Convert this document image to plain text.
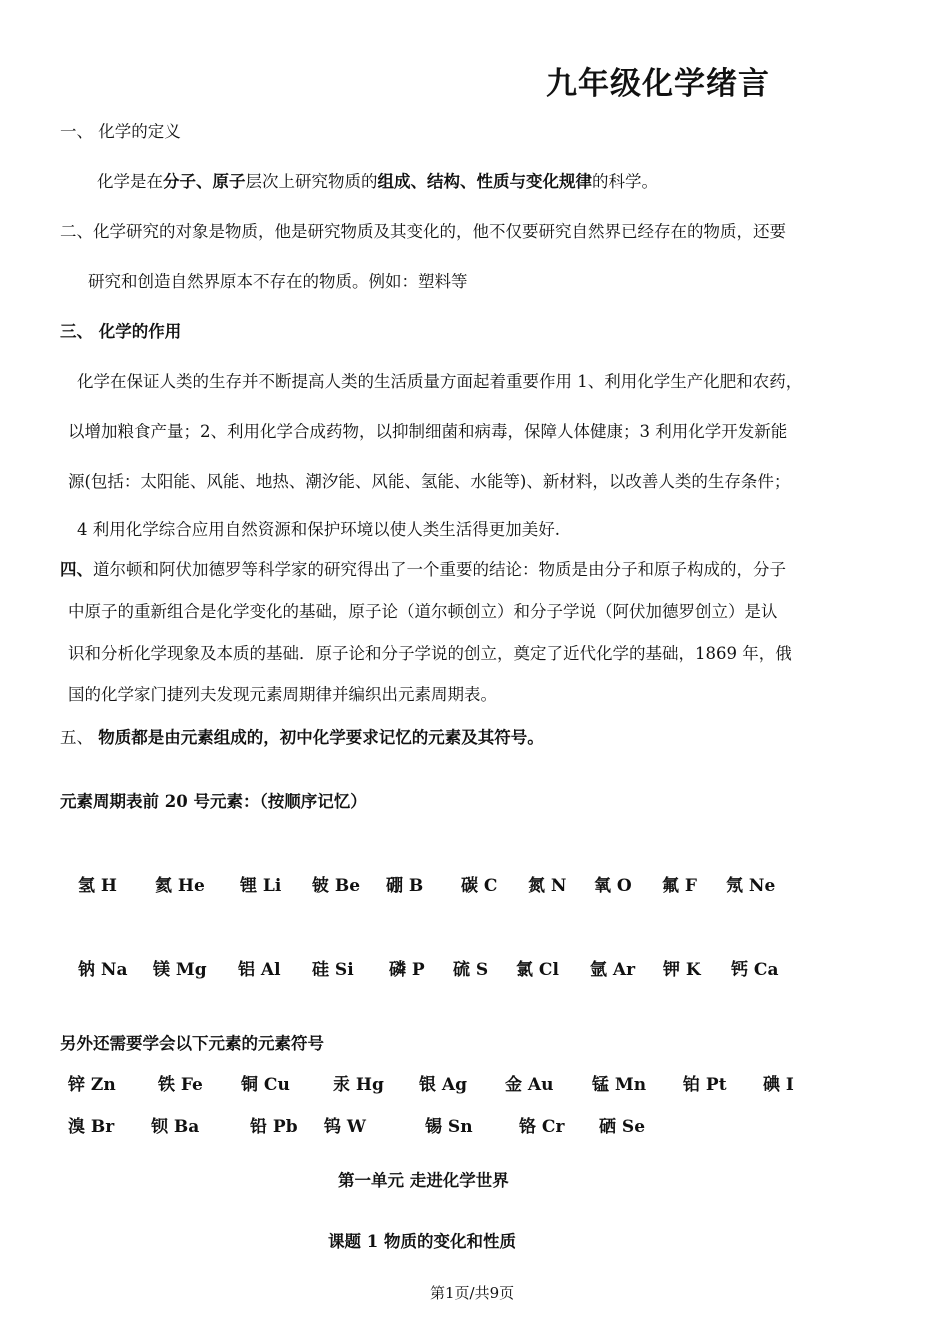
九年级化学绪言
一、 化学的定义
化学是在分子、原子层次上研究物质的组成、结构、性质与变化规律的科学。
二、化学研究的对象是物质，他是研究物质及其变化的，他不仅要研究自然界已经存在的物质，还要
研究和创造自然界原本不存在的物质。例如：塑料等
三、 化学的作用
化学在保证人类的生存并不断提高人类的生活质量方面起着重要作用 1、利用化学生产化肥和农药，
以增加粮食产量；2、利用化学合成药物，以抑制细菌和病毒，保障人体健康；3 利用化学开发新能
源(包括：太阳能、风能、地热、潮汐能、风能、氢能、水能等)、新材料，以改善人类的生存条件；
4 利用化学综合应用自然资源和保护环境以使人类生活得更加美好.
四、道尔顿和阿伏加德罗等科学家的研究得出了一个重要的结论：物质是由分子和原子构成的，分子
中原子的重新组合是化学变化的基础，原子论（道尔顿创立）和分子学说（阿伏加德罗创立）是认
识和分析化学现象及本质的基础．原子论和分子学说的创立，奠定了近代化学的基础，1869 年，俄
国的化学家门捷列夫发现元素周期律并编织出元素周期表。
五、 物质都是由元素组成的，初中化学要求记忆的元素及其符号。
元素周期表前 20 号元素：（按顺序记忆）
氢 H 氦 He 锂 Li 铍 Be 硼 B 碳 C 氮 N 氧 O 氟 F 氖 Ne
钠 Na 镁 Mg 铝 Al 硅 Si 磷 P 硫 S 氯 Cl 氩 Ar 钾 K 钙 Ca
另外还需要学会以下元素的元素符号
锌 Zn 铁 Fe 铜 Cu	汞 Hg 银 Ag 金 Au 锰 Mn 铂 Pt 碘 I
溴 Br 钡 Ba	铅 Pb 钨 W	锡 Sn	铬 Cr 硒 Se
第一单元 走进化学世界
课题 1 物质的变化和性质
第1页/共9页
